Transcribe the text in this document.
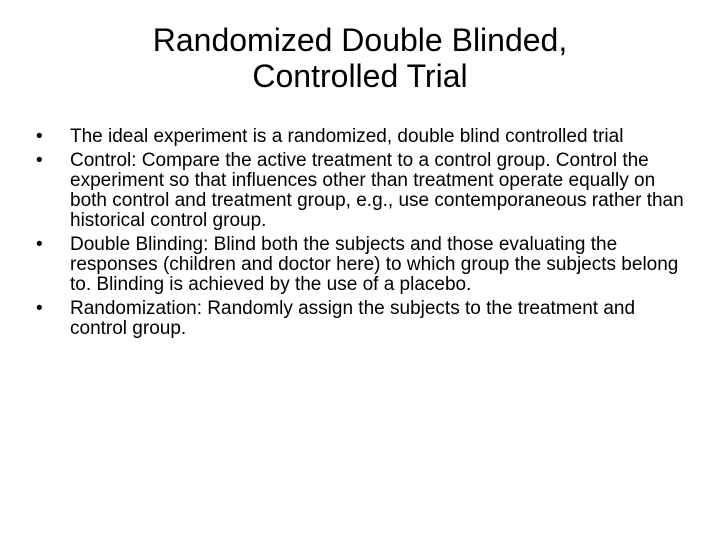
Randomized Double Blinded,
Controlled Trial
•	The ideal experiment is a randomized, double blind controlled trial
•	Control: Compare the active treatment to a control group. Control the experiment so that influences other than treatment operate equally on both control and treatment group, e.g., use contemporaneous rather than historical control group.
•	Double Blinding: Blind both the subjects and those evaluating the responses (children and doctor here) to which group the subjects belong to. Blinding is achieved by the use of a placebo.
•	Randomization: Randomly assign the subjects to the treatment and control group.
